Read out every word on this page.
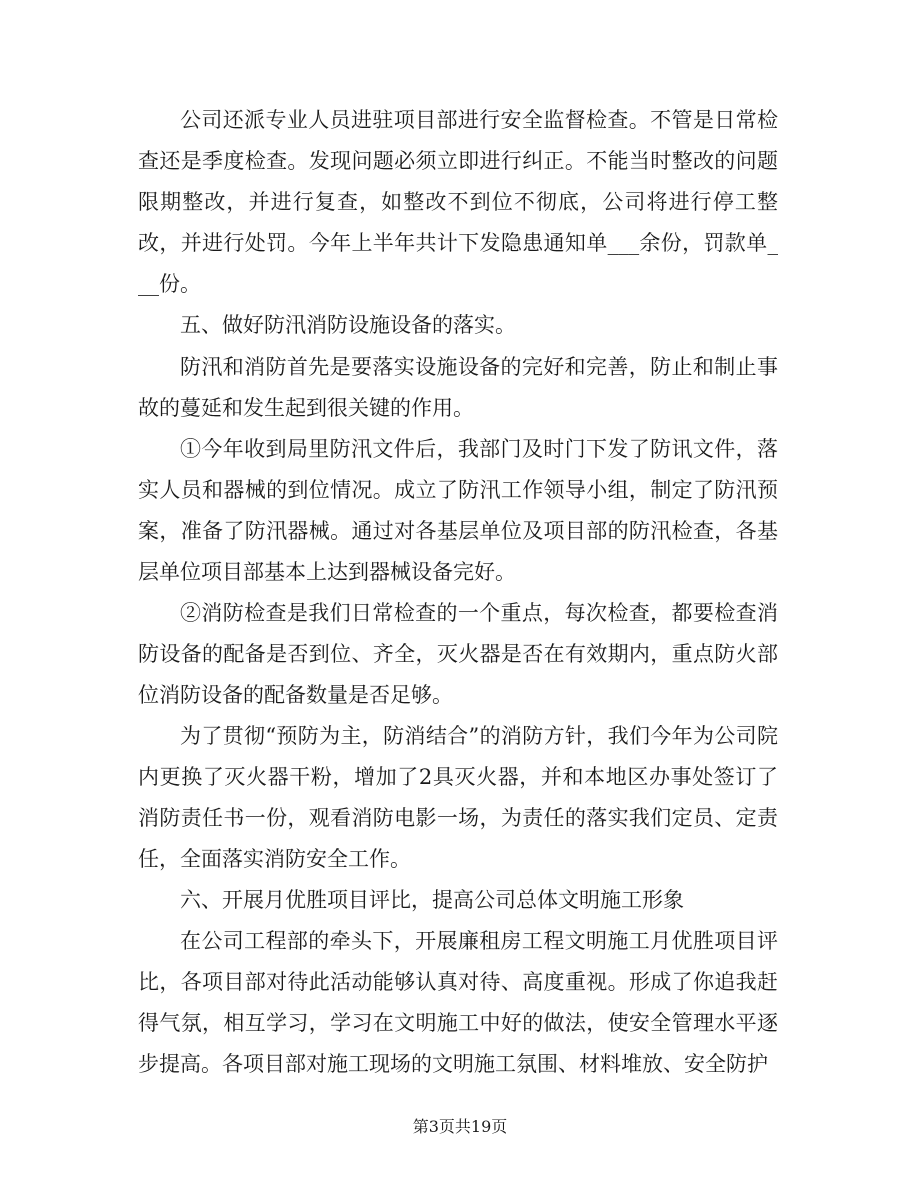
公司还派专业人员进驻项目部进行安全监督检查。不管是日常检查还是季度检查。发现问题必须立即进行纠正。不能当时整改的问题限期整改，并进行复查，如整改不到位不彻底，公司将进行停工整改，并进行处罚。今年上半年共计下发隐患通知单___余份，罚款单___份。

五、做好防汛消防设施设备的落实。

防汛和消防首先是要落实设施设备的完好和完善，防止和制止事故的蔓延和发生起到很关键的作用。

①今年收到局里防汛文件后，我部门及时门下发了防讯文件，落实人员和器械的到位情况。成立了防汛工作领导小组，制定了防汛预案，准备了防汛器械。通过对各基层单位及项目部的防汛检查，各基层单位项目部基本上达到器械设备完好。

②消防检查是我们日常检查的一个重点，每次检查，都要检查消防设备的配备是否到位、齐全，灭火器是否在有效期内，重点防火部位消防设备的配备数量是否足够。

为了贯彻“预防为主，防消结合”的消防方针，我们今年为公司院内更换了灭火器干粉，增加了2具灭火器，并和本地区办事处签订了消防责任书一份，观看消防电影一场，为责任的落实我们定员、定责任，全面落实消防安全工作。

六、开展月优胜项目评比，提高公司总体文明施工形象

在公司工程部的牵头下，开展廉租房工程文明施工月优胜项目评比，各项目部对待此活动能够认真对待、高度重视。形成了你追我赶得气氛，相互学习，学习在文明施工中好的做法，使安全管理水平逐步提高。各项目部对施工现场的文明施工氛围、材料堆放、安全防护

第3页共19页
